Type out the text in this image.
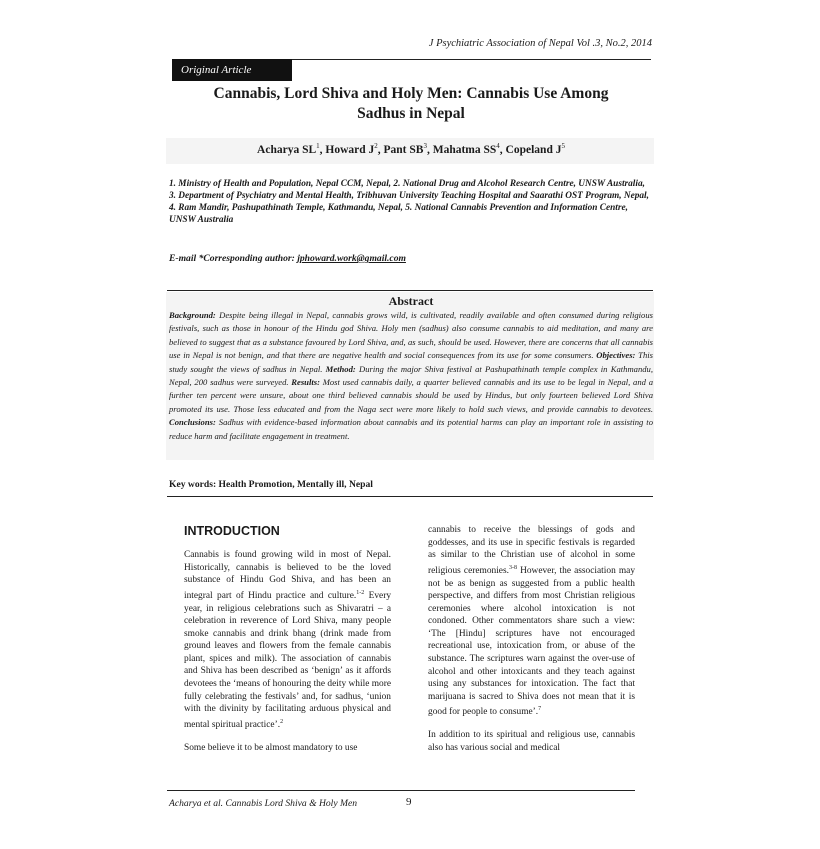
J Psychiatric Association of Nepal Vol .3, No.2, 2014
Original Article
Cannabis, Lord Shiva and Holy Men: Cannabis Use Among
Sadhus in Nepal
Acharya $SL^1$, Howard $J^2$, Pant $SB^3$, Mahatma $SS^4$, Copeland $J^5$
1. Ministry of Health and Population, Nepal CCM, Nepal, 2. National Drug and Alcohol Research Centre, UNSW Australia, 3. Department of Psychiatry and Mental Health, Tribhuvan University Teaching Hospital and Saarathi OST Program, Nepal, 4. Ram Mandir, Pashupathinath Temple, Kathmandu, Nepal, 5. National Cannabis Prevention and Information Centre, UNSW Australia
E-mail *Corresponding author: jphoward.work@gmail.com
Abstract
Background: Despite being illegal in Nepal, cannabis grows wild, is cultivated, readily available and often consumed during religious festivals, such as those in honour of the Hindu god Shiva. Holy men (sadhus) also consume cannabis to aid meditation, and many are believed to suggest that as a substance favoured by Lord Shiva, and, as such, should be used. However, there are concerns that all cannabis use in Nepal is not benign, and that there are negative health and social consequences from its use for some consumers. Objectives: This study sought the views of sadhus in Nepal. Method: During the major Shiva festival at Pashupathinath temple complex in Kathmandu, Nepal, 200 sadhus were surveyed. Results: Most used cannabis daily, a quarter believed cannabis and its use to be legal in Nepal, and a further ten percent were unsure, about one third believed cannabis should be used by Hindus, but only fourteen believed Lord Shiva promoted its use. Those less educated and from the Naga sect were more likely to hold such views, and provide cannabis to devotees. Conclusions: Sadhus with evidence-based information about cannabis and its potential harms can play an important role in assisting to reduce harm and facilitate engagement in treatment.
Key words: Health Promotion, Mentally ill, Nepal
INTRODUCTION

Cannabis is found growing wild in most of Nepal. Historically, cannabis is believed to be the loved substance of Hindu God Shiva, and has been an integral part of Hindu practice and culture.$^{1-2}$ Every year, in religious celebrations such as Shivaratri – a celebration in reverence of Lord Shiva, many people smoke cannabis and drink bhang (drink made from ground leaves and flowers from the female cannabis plant, spices and milk). The association of cannabis and Shiva has been described as ‘benign’ as it affords devotees the ‘means of honouring the deity while more fully celebrating the festivals’ and, for sadhus, ‘union with the divinity by facilitating arduous physical and mental spiritual practice’.$^2$

Some believe it to be almost mandatory to use

cannabis to receive the blessings of gods and goddesses, and its use in specific festivals is regarded as similar to the Christian use of alcohol in some religious ceremonies.$^{3-8}$ However, the association may not be as benign as suggested from a public health perspective, and differs from most Christian religious ceremonies where alcohol intoxication is not condoned. Other commentators share such a view: ‘The [Hindu] scriptures have not encouraged recreational use, intoxication from, or abuse of the substance. The scriptures warn against the over-use of alcohol and other intoxicants and they teach against using any substances for intoxication. The fact that marijuana is sacred to Shiva does not mean that it is good for people to consume’.$^7$

In addition to its spiritual and religious use, cannabis also has various social and medical

Acharya et al. Cannabis Lord Shiva & Holy Men	9
